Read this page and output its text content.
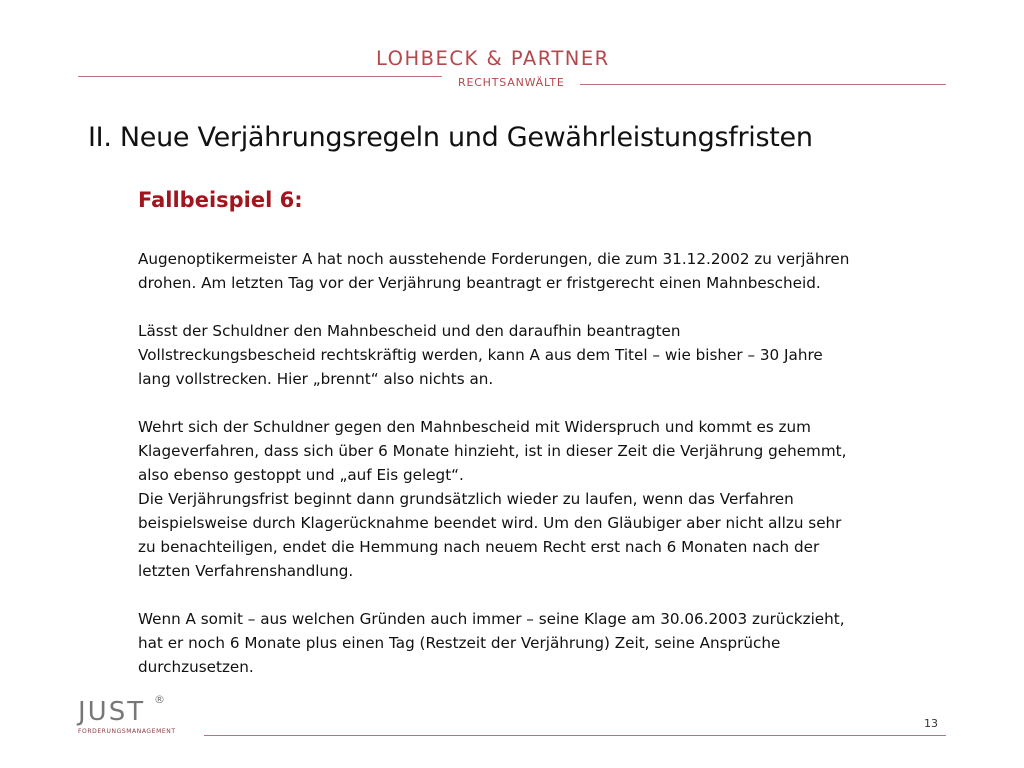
LOHBECK & PARTNER
RECHTSANWÄLTE
II. Neue Verjährungsregeln und Gewährleistungsfristen
Fallbeispiel 6:

Augenoptikermeister A hat noch ausstehende Forderungen, die zum 31.12.2002 zu verjähren

drohen. Am letzten Tag vor der Verjährung beantragt er fristgerecht einen Mahnbescheid.

Lässt der Schuldner den Mahnbescheid und den daraufhin beantragten

Vollstreckungsbescheid rechtskräftig werden, kann A aus dem Titel – wie bisher – 30 Jahre

lang vollstrecken. Hier „brennt“ also nichts an.

Wehrt sich der Schuldner gegen den Mahnbescheid mit Widerspruch und kommt es zum

Klageverfahren, dass sich über 6 Monate hinzieht, ist in dieser Zeit die Verjährung gehemmt,

also ebenso gestoppt und „auf Eis gelegt“.

Die Verjährungsfrist beginnt dann grundsätzlich wieder zu laufen, wenn das Verfahren

beispielsweise durch Klagerücknahme beendet wird. Um den Gläubiger aber nicht allzu sehr

zu benachteiligen, endet die Hemmung nach neuem Recht erst nach 6 Monaten nach der

letzten Verfahrenshandlung.

Wenn A somit – aus welchen Gründen auch immer – seine Klage am 30.06.2003 zurückzieht,

hat er noch 6 Monate plus einen Tag (Restzeit der Verjährung) Zeit, seine Ansprüche

durchzusetzen.

JUSТ ®
FORDERUNGSMANAGEMENT
13
